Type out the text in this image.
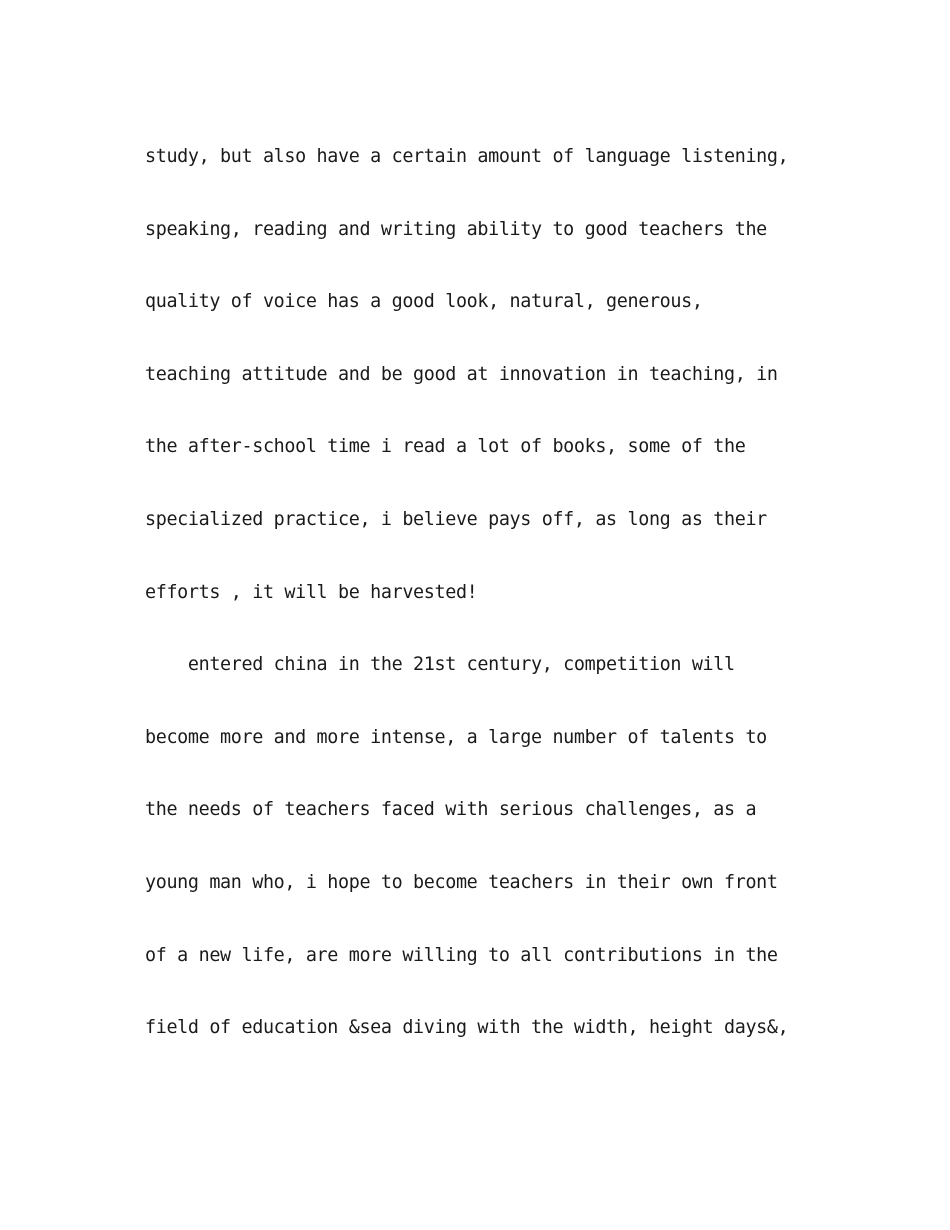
study, but also have a certain amount of language listening,
speaking, reading and writing ability to good teachers the
quality of voice has a good look, natural, generous,
teaching attitude and be good at innovation in teaching, in
the after-school time i read a lot of books, some of the
specialized practice, i believe pays off, as long as their
efforts , it will be harvested!
entered china in the 21st century, competition will
become more and more intense, a large number of talents to
the needs of teachers faced with serious challenges, as a
young man who, i hope to become teachers in their own front
of a new life, are more willing to all contributions in the
field of education &sea diving with the width, height days&,
